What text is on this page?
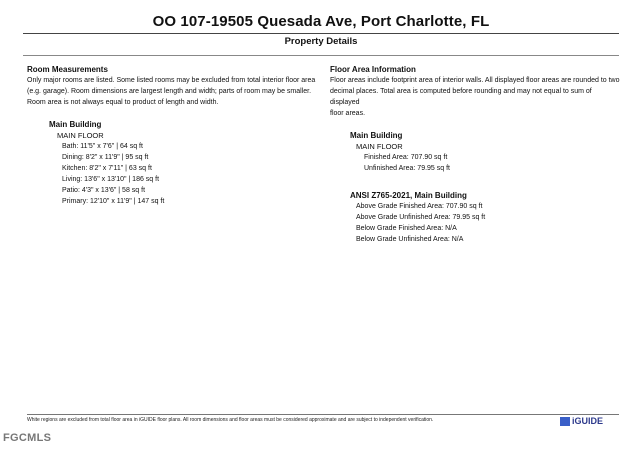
OO 107-19505 Quesada Ave, Port Charlotte, FL
Property Details
Room Measurements
Only major rooms are listed. Some listed rooms may be excluded from total interior floor area
(e.g. garage). Room dimensions are largest length and width; parts of room may be smaller.
Room area is not always equal to product of length and width.
Main Building
MAIN FLOOR
Bath: 11'5" x 7'6" | 64 sq ft
Dining: 8'2" x 11'9" | 95 sq ft
Kitchen: 8'2" x 7'11" | 63 sq ft
Living: 13'6" x 13'10" | 186 sq ft
Patio: 4'3" x 13'6" | 58 sq ft
Primary: 12'10" x 11'9" | 147 sq ft
Floor Area Information
Floor areas include footprint area of interior walls. All displayed floor areas are rounded to two
decimal places. Total area is computed before rounding and may not equal to sum of displayed
floor areas.
Main Building
MAIN FLOOR
Finished Area: 707.90 sq ft
Unfinished Area: 79.95 sq ft
ANSI Z765-2021, Main Building
Above Grade Finished Area: 707.90 sq ft
Above Grade Unfinished Area: 79.95 sq ft
Below Grade Finished Area: N/A
Below Grade Unfinished Area: N/A
White regions are excluded from total floor area in iGUIDE floor plans. All room dimensions and floor areas must be considered approximate and are subject to independent verification.	iGUIDE
FGCMLS
